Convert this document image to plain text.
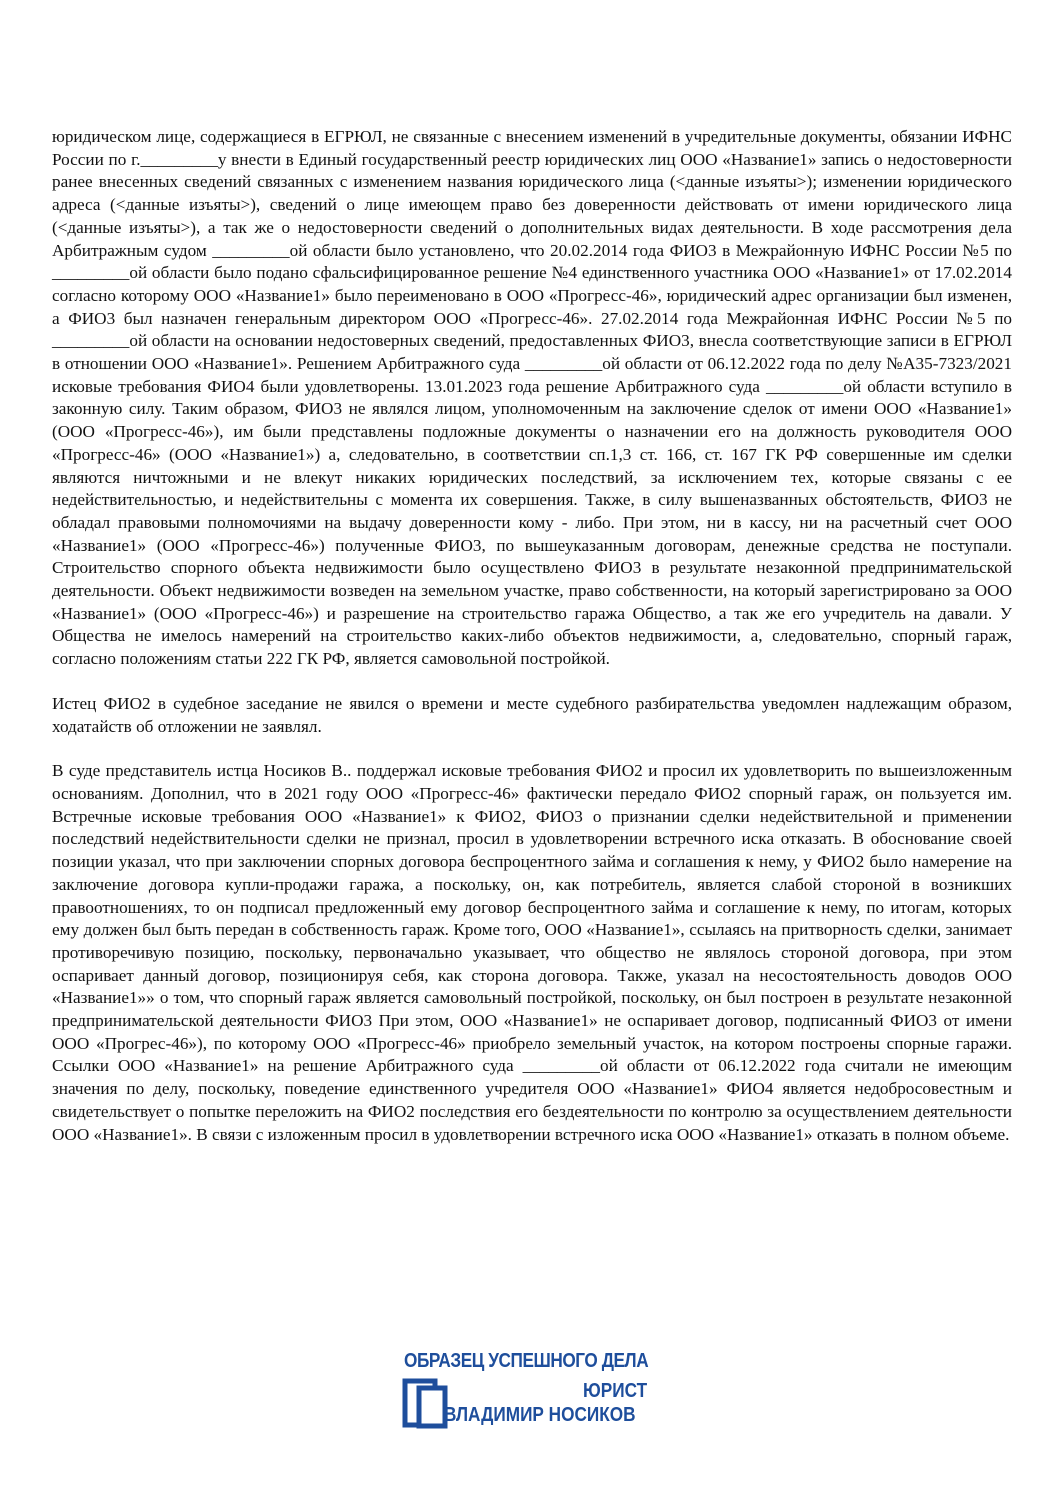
юридическом лице, содержащиеся в ЕГРЮЛ, не связанные с внесением изменений в учредительные документы, обязании ИФНС России по г._________у внести в Единый государственный реестр юридических лиц ООО «Название1» запись о недостоверности ранее внесенных сведений связанных с изменением названия юридического лица (<данные изъяты>); изменении юридического адреса (<данные изъяты>), сведений о лице имеющем право без доверенности действовать от имени юридического лица (<данные изъяты>), а так же о недостоверности сведений о дополнительных видах деятельности. В ходе рассмотрения дела Арбитражным судом _________ой области было установлено, что 20.02.2014 года ФИО3 в Межрайонную ИФНС России №5 по _________ой области было подано сфальсифицированное решение №4 единственного участника ООО «Название1» от 17.02.2014 согласно которому ООО «Название1» было переименовано в ООО «Прогресс-46», юридический адрес организации был изменен, а ФИО3 был назначен генеральным директором ООО «Прогресс-46». 27.02.2014 года Межрайонная ИФНС России №5 по _________ой области на основании недостоверных сведений, предоставленных ФИО3, внесла соответствующие записи в ЕГРЮЛ в отношении ООО «Название1». Решением Арбитражного суда _________ой области от 06.12.2022 года по делу №А35-7323/2021 исковые требования ФИО4 были удовлетворены. 13.01.2023 года решение Арбитражного суда _________ой области вступило в законную силу. Таким образом, ФИО3 не являлся лицом, уполномоченным на заключение сделок от имени ООО «Название1» (ООО «Прогресс-46»), им были представлены подложные документы о назначении его на должность руководителя ООО «Прогресс-46» (ООО «Название1») а, следовательно, в соответствии сп.1,3 ст. 166, ст. 167 ГК РФ совершенные им сделки являются ничтожными и не влекут никаких юридических последствий, за исключением тех, которые связаны с ее недействительностью, и недействительны с момента их совершения. Также, в силу вышеназванных обстоятельств, ФИО3 не обладал правовыми полномочиями на выдачу доверенности кому - либо. При этом, ни в кассу, ни на расчетный счет ООО «Название1» (ООО «Прогресс-46») полученные ФИО3, по вышеуказанным договорам, денежные средства не поступали. Строительство спорного объекта недвижимости было осуществлено ФИО3 в результате незаконной предпринимательской деятельности. Объект недвижимости возведен на земельном участке, право собственности, на который зарегистрировано за ООО «Название1» (ООО «Прогресс-46») и разрешение на строительство гаража Общество, а так же его учредитель на давали. У Общества не имелось намерений на строительство каких-либо объектов недвижимости, а, следовательно, спорный гараж, согласно положениям статьи 222 ГК РФ, является самовольной постройкой.

Истец ФИО2 в судебное заседание не явился о времени и месте судебного разбирательства уведомлен надлежащим образом, ходатайств об отложении не заявлял.

В суде представитель истца Носиков В.. поддержал исковые требования ФИО2 и просил их удовлетворить по вышеизложенным основаниям. Дополнил, что в 2021 году ООО «Прогресс-46» фактически передало ФИО2 спорный гараж, он пользуется им. Встречные исковые требования ООО «Название1» к ФИО2, ФИО3 о признании сделки недействительной и применении последствий недействительности сделки не признал, просил в удовлетворении встречного иска отказать. В обоснование своей позиции указал, что при заключении спорных договора беспроцентного займа и соглашения к нему, у ФИО2 было намерение на заключение договора купли-продажи гаража, а поскольку, он, как потребитель, является слабой стороной в возникших правоотношениях, то он подписал предложенный ему договор беспроцентного займа и соглашение к нему, по итогам, которых ему должен был быть передан в собственность гараж. Кроме того, ООО «Название1», ссылаясь на притворность сделки, занимает противоречивую позицию, поскольку, первоначально указывает, что общество не являлось стороной договора, при этом оспаривает данный договор, позиционируя себя, как сторона договора. Также, указал на несостоятельность доводов ООО «Название1»» о том, что спорный гараж является самовольный постройкой, поскольку, он был построен в результате незаконной предпринимательской деятельности ФИО3 При этом, ООО «Название1» не оспаривает договор, подписанный ФИО3 от имени ООО «Прогрес-46»), по которому ООО «Прогресс-46» приобрело земельный участок, на котором построены спорные гаражи. Ссылки ООО «Название1» на решение Арбитражного суда _________ой области от 06.12.2022 года считали не имеющим значения по делу, поскольку, поведение единственного учредителя ООО «Название1» ФИО4 является недобросовестным и свидетельствует о попытке переложить на ФИО2 последствия его бездеятельности по контролю за осуществлением деятельности ООО «Название1». В связи с изложенным просил в удовлетворении встречного иска ООО «Название1» отказать в полном объеме.

ОБРАЗЕЦ УСПЕШНОГО ДЕЛА
ЮРИСТ
ВЛАДИМИР НОСИКОВ
